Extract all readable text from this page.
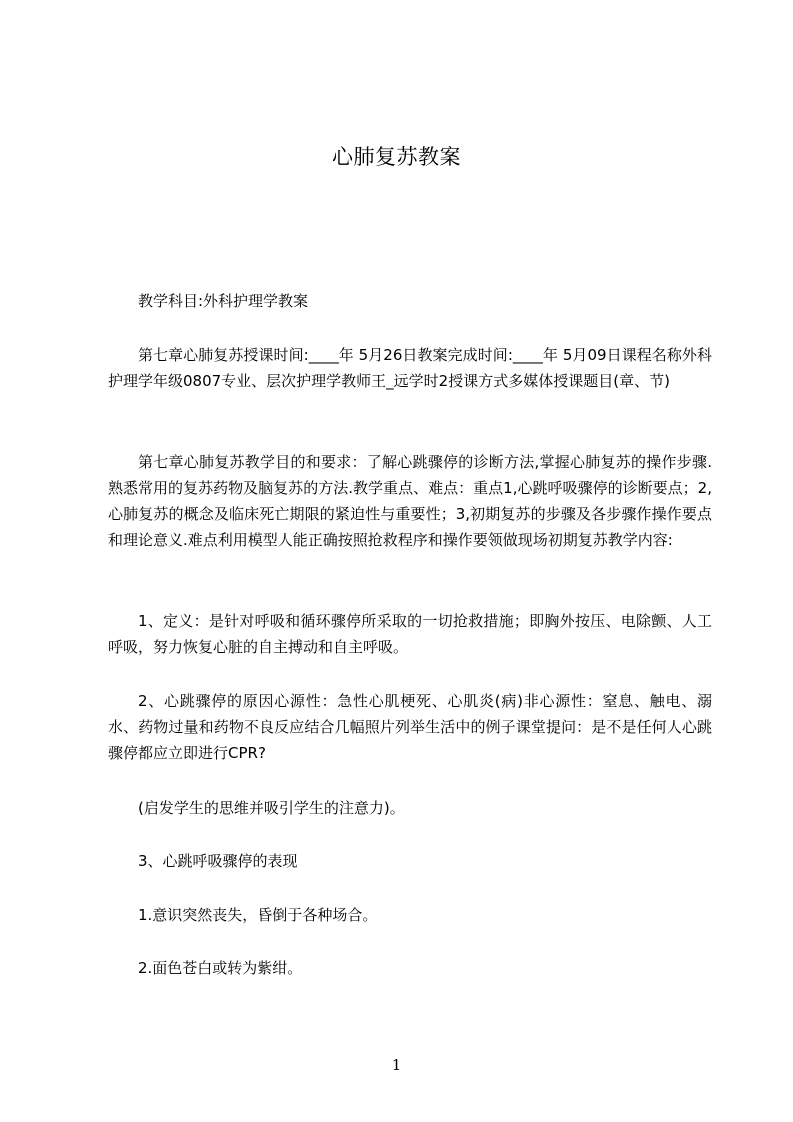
心肺复苏教案
教学科目:外科护理学教案
第七章心肺复苏授课时间:____年 5月26日教案完成时间:____年 5月09日课程名称外科护理学年级0807专业、层次护理学教师王_远学时2授课方式多媒体授课题目(章、节)
第七章心肺复苏教学目的和要求：了解心跳骤停的诊断方法,掌握心肺复苏的操作步骤.熟悉常用的复苏药物及脑复苏的方法.教学重点、难点：重点1,心跳呼吸骤停的诊断要点；2,心肺复苏的概念及临床死亡期限的紧迫性与重要性；3,初期复苏的步骤及各步骤作操作要点和理论意义.难点利用模型人能正确按照抢救程序和操作要领做现场初期复苏教学内容:
1、定义：是针对呼吸和循环骤停所采取的一切抢救措施；即胸外按压、电除颤、人工呼吸，努力恢复心脏的自主搏动和自主呼吸。
2、心跳骤停的原因心源性：急性心肌梗死、心肌炎(病)非心源性：窒息、触电、溺水、药物过量和药物不良反应结合几幅照片列举生活中的例子课堂提问：是不是任何人心跳骤停都应立即进行CPR?
(启发学生的思维并吸引学生的注意力)。
3、心跳呼吸骤停的表现
1.意识突然丧失，昏倒于各种场合。
2.面色苍白或转为紫绀。
1
